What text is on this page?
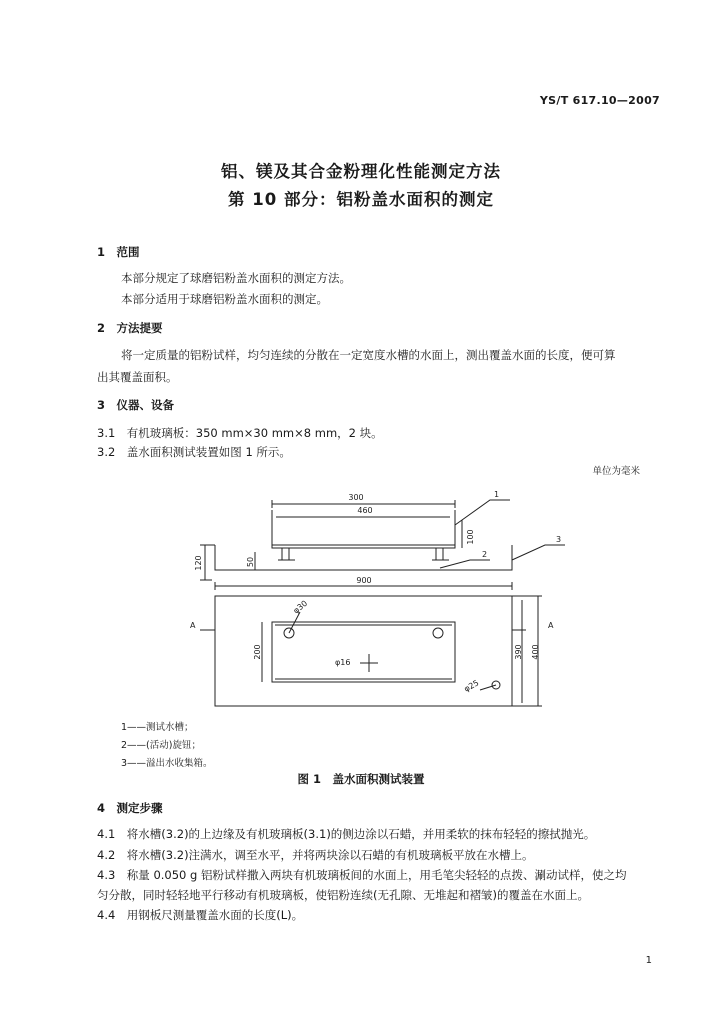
YS/T 617.10—2007
铝、镁及其合金粉理化性能测定方法
第 10 部分：铝粉盖水面积的测定
1　范围
本部分规定了球磨铝粉盖水面积的测定方法。
本部分适用于球磨铝粉盖水面积的测定。
2　方法提要
将一定质量的铝粉试样，均匀连续的分散在一定宽度水槽的水面上，测出覆盖水面的长度，便可算
出其覆盖面积。
3　仪器、设备
3.1　有机玻璃板：350 mm×30 mm×8 mm，2 块。
3.2　盖水面积测试装置如图 1 所示。
单位为毫米
300
460
100
120	50
900
390 400
200
φ30
φ16
φ25
1
2
3
A	A
1——测试水槽；
2——(活动)旋钮；
3——溢出水收集箱。
图 1　盖水面积测试装置
4　测定步骤
4.1　将水槽(3.2)的上边缘及有机玻璃板(3.1)的侧边涂以石蜡，并用柔软的抹布轻轻的擦拭抛光。
4.2　将水槽(3.2)注满水，调至水平，并将两块涂以石蜡的有机玻璃板平放在水槽上。
4.3　称量 0.050 g 铝粉试样撒入两块有机玻璃板间的水面上，用毛笔尖轻轻的点拨、涮动试样，使之均
匀分散，同时轻轻地平行移动有机玻璃板，使铝粉连续(无孔隙、无堆起和褶皱)的覆盖在水面上。
4.4　用钢板尺测量覆盖水面的长度(L)。
1
